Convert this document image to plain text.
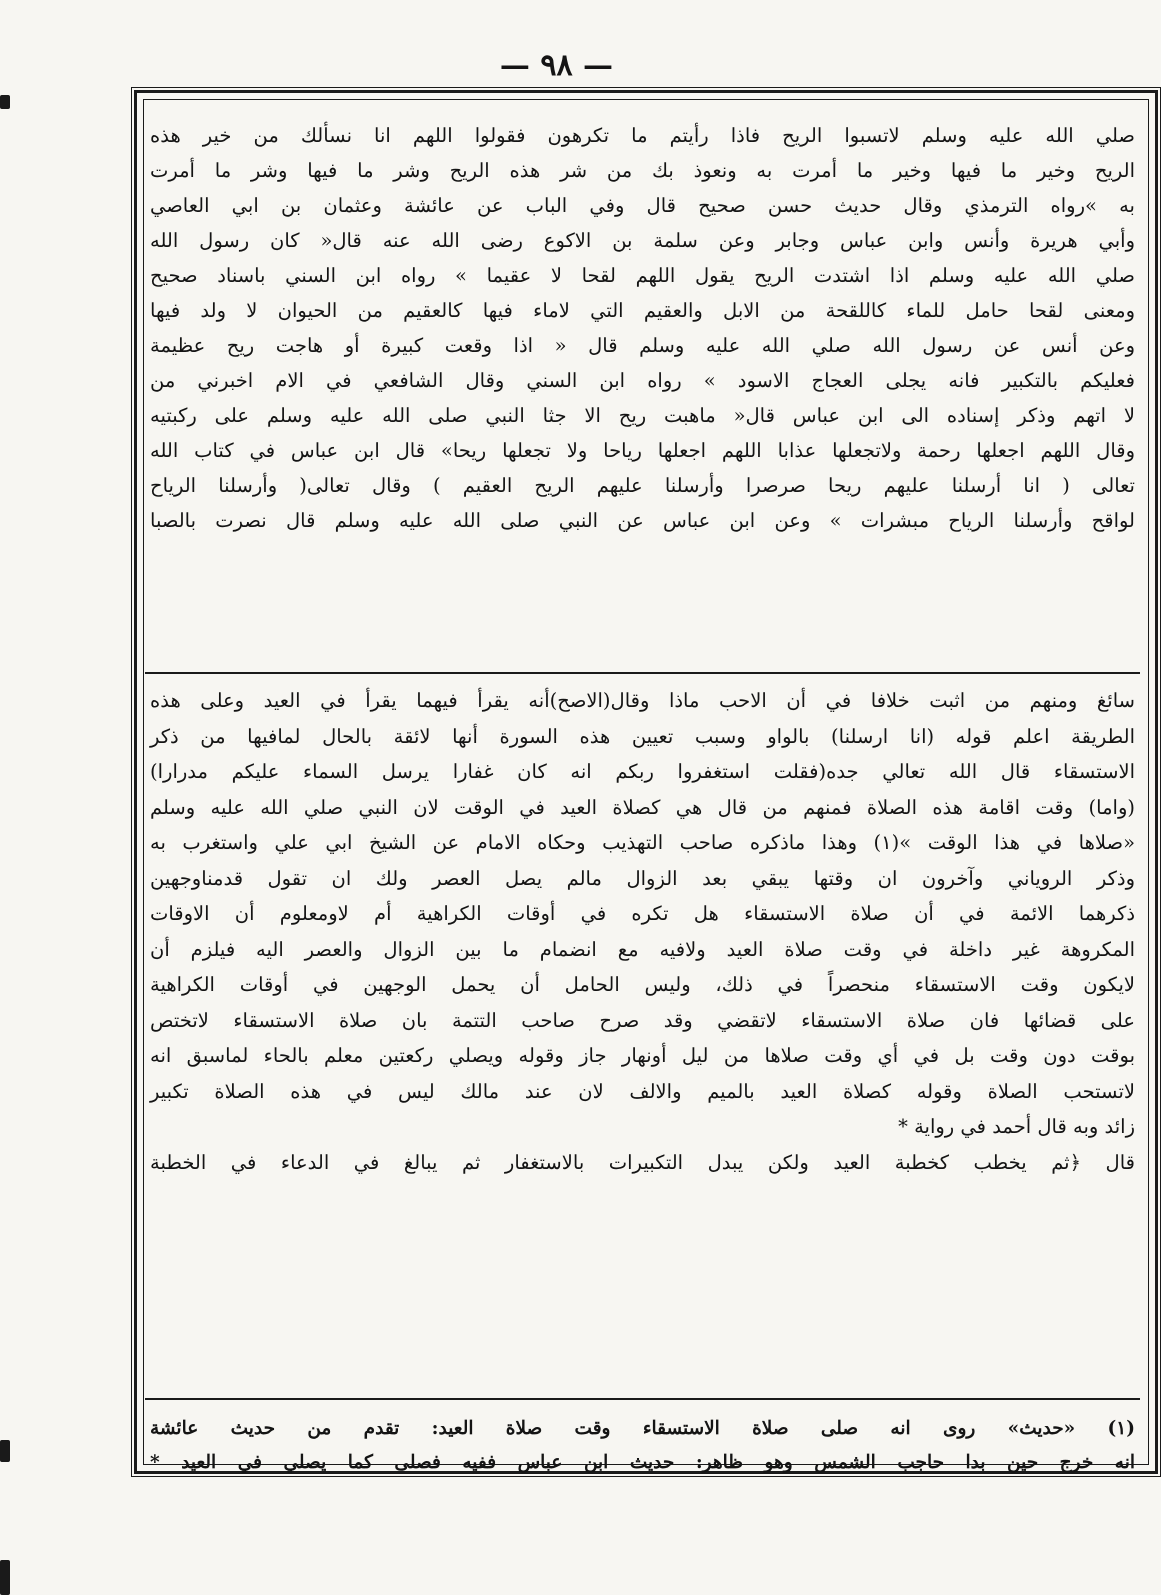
— ٩٨ —
صلي الله عليه وسلم لاتسبوا الريح فاذا رأيتم ما تكرهون فقولوا اللهم انا نسألك من خير هذه
الريح وخير ما فيها وخير ما أمرت به ونعوذ بك من شر هذه الريح وشر ما فيها وشر ما أمرت
به »رواه الترمذي وقال حديث حسن صحيح قال وفي الباب عن عائشة وعثمان بن ابي العاصي
وأبي هريرة وأنس وابن عباس وجابر وعن سلمة بن الاكوع رضى الله عنه قال« كان رسول الله
صلي الله عليه وسلم اذا اشتدت الريح يقول اللهم لقحا لا عقيما » رواه ابن السني باسناد صحيح
ومعنى لقحا حامل للماء كاللقحة من الابل والعقيم التي لاماء فيها كالعقيم من الحيوان لا ولد فيها
وعن أنس عن رسول الله صلي الله عليه وسلم قال « اذا وقعت كبيرة أو هاجت ريح عظيمة
فعليكم بالتكبير فانه يجلى العجاج الاسود » رواه ابن السني وقال الشافعي في الام اخبرني من
لا اتهم وذكر إسناده الى ابن عباس قال« ماهبت ريح الا جثا النبي صلى الله عليه وسلم على ركبتيه
وقال اللهم اجعلها رحمة ولاتجعلها عذابا اللهم اجعلها رياحا ولا تجعلها ريحا» قال ابن عباس في كتاب الله
تعالى ( انا أرسلنا عليهم ريحا صرصرا وأرسلنا عليهم الريح العقيم ) وقال تعالى( وأرسلنا الرياح
لواقح وأرسلنا الرياح مبشرات » وعن ابن عباس عن النبي صلى الله عليه وسلم قال نصرت بالصبا
سائغ ومنهم من اثبت خلافا في أن الاحب ماذا وقال(الاصح)أنه يقرأ فيهما يقرأ في العيد وعلى هذه
الطريقة اعلم قوله (انا ارسلنا) بالواو وسبب تعيين هذه السورة أنها لائقة بالحال لمافيها من ذكر
الاستسقاء قال الله تعالي جده(فقلت استغفروا ربكم انه كان غفارا يرسل السماء عليكم مدرارا)
(واما) وقت اقامة هذه الصلاة فمنهم من قال هي كصلاة العيد في الوقت لان النبي صلي الله عليه وسلم
«صلاها في هذا الوقت »(١) وهذا ماذكره صاحب التهذيب وحكاه الامام عن الشيخ ابي علي واستغرب به
وذكر الروياني وآخرون ان وقتها يبقي بعد الزوال مالم يصل العصر ولك ان تقول قدمناوجهين
ذكرهما الائمة في أن صلاة الاستسقاء هل تكره في أوقات الكراهية أم لاومعلوم أن الاوقات
المكروهة غير داخلة في وقت صلاة العيد ولافيه مع انضمام ما بين الزوال والعصر اليه فيلزم أن
لايكون وقت الاستسقاء منحصراً في ذلك، وليس الحامل أن يحمل الوجهين في أوقات الكراهية
على قضائها فان صلاة الاستسقاء لاتقضي وقد صرح صاحب التتمة بان صلاة الاستسقاء لاتختص
بوقت دون وقت بل في أي وقت صلاها من ليل أونهار جاز وقوله ويصلي ركعتين معلم بالحاء لماسبق انه
لاتستحب الصلاة وقوله كصلاة العيد بالميم والالف لان عند مالك ليس في هذه الصلاة تكبير
زائد وبه قال أحمد في رواية *
قال ﴿ثم يخطب كخطبة العيد ولكن يبدل التكبيرات بالاستغفار ثم يبالغ في الدعاء في الخطبة
(١) «حديث» روى انه صلى صلاة الاستسقاء وقت صلاة العيد: تقدم من حديث عائشة
انه خرج حين بدا حاجب الشمس وهو ظاهر: حديث ابن عباس ففيه فصلى كما يصلي في العيد *
